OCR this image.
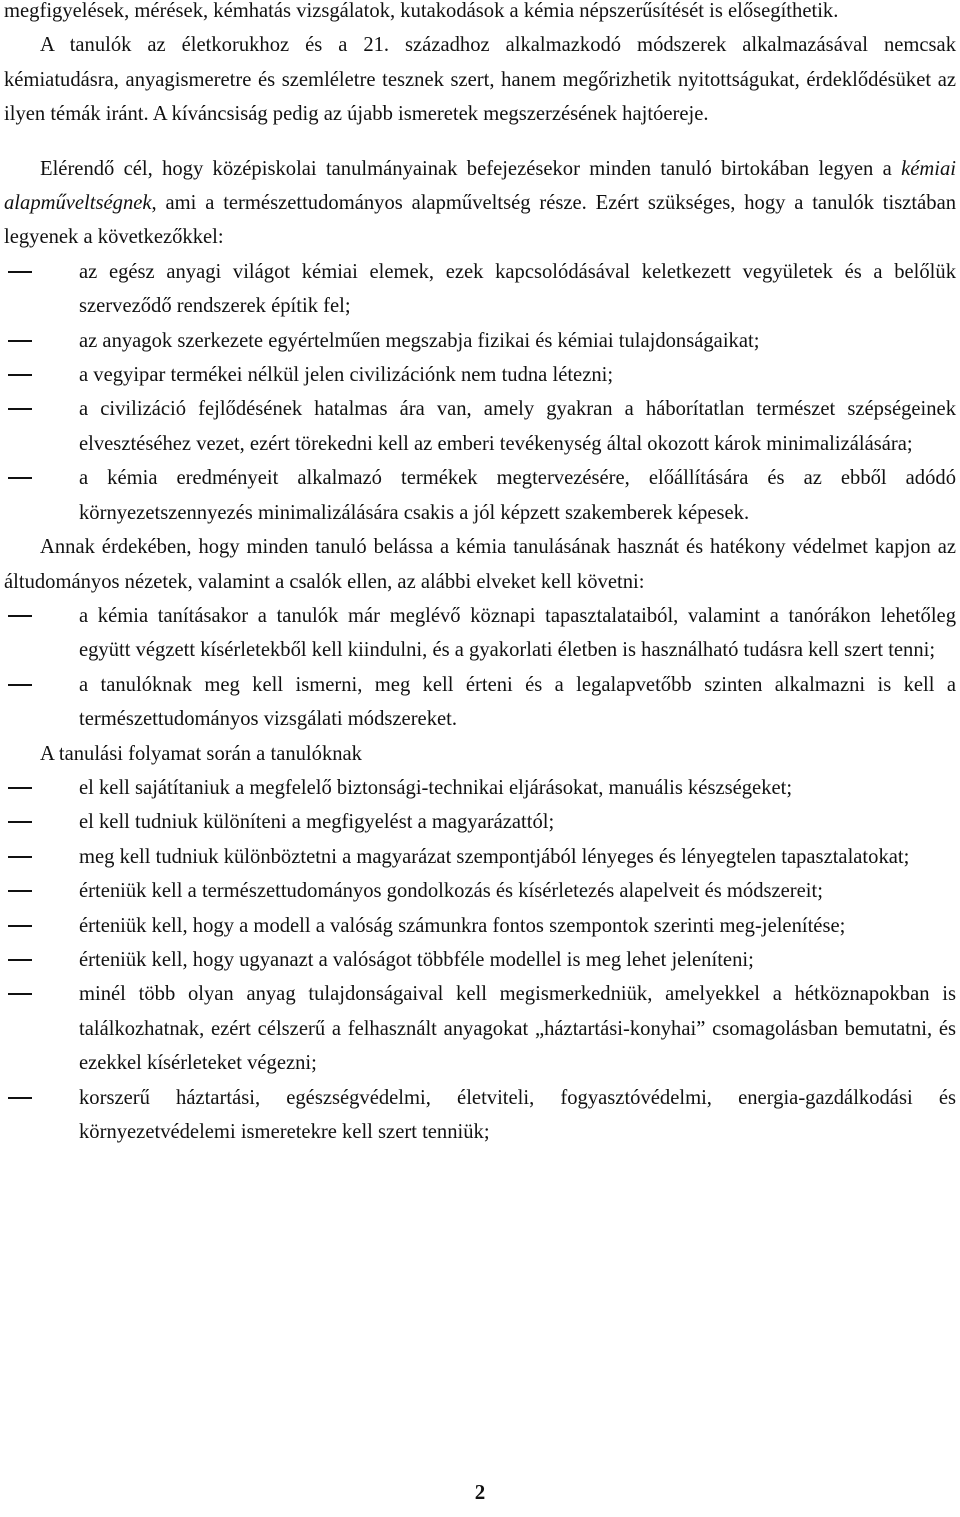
megfigyelések, mérések, kémhatás vizsgálatok, kutakodások a kémia népszerűsítését is elősegíthetik.

A tanulók az életkorukhoz és a 21. századhoz alkalmazkodó módszerek alkalmazásával nemcsak kémiatudásra, anyagismeretre és szemléletre tesznek szert, hanem megőrizhetik nyitottságukat, érdeklődésüket az ilyen témák iránt. A kíváncsiság pedig az újabb ismeretek megszerzésének hajtóereje.

Elérendő cél, hogy középiskolai tanulmányainak befejezésekor minden tanuló birtokában legyen a kémiai alapműveltségnek, ami a természettudományos alapműveltség része. Ezért szükséges, hogy a tanulók tisztában legyenek a következőkkel:

az egész anyagi világot kémiai elemek, ezek kapcsolódásával keletkezett vegyületek és a belőlük szerveződő rendszerek építik fel;
az anyagok szerkezete egyértelműen megszabja fizikai és kémiai tulajdonságaikat;
a vegyipar termékei nélkül jelen civilizációnk nem tudna létezni;
a civilizáció fejlődésének hatalmas ára van, amely gyakran a háborítatlan természet szépségeinek elvesztéséhez vezet, ezért törekedni kell az emberi tevékenység által okozott károk minimalizálására;
a kémia eredményeit alkalmazó termékek megtervezésére, előállítására és az ebből adódó környezetszennyezés minimalizálására csakis a jól képzett szakemberek képesek.

Annak érdekében, hogy minden tanuló belássa a kémia tanulásának hasznát és hatékony védelmet kapjon az áltudományos nézetek, valamint a csalók ellen, az alábbi elveket kell követni:

a kémia tanításakor a tanulók már meglévő köznapi tapasztalataiból, valamint a tanórákon lehetőleg együtt végzett kísérletekből kell kiindulni, és a gyakorlati életben is használható tudásra kell szert tenni;
a tanulóknak meg kell ismerni, meg kell érteni és a legalapvetőbb szinten alkalmazni is kell a természettudományos vizsgálati módszereket.

A tanulási folyamat során a tanulóknak

el kell sajátítaniuk a megfelelő biztonsági-technikai eljárásokat, manuális készségeket;
el kell tudniuk különíteni a megfigyelést a magyarázattól;
meg kell tudniuk különböztetni a magyarázat szempontjából lényeges és lényegtelen tapasztalatokat;
érteniük kell a természettudományos gondolkozás és kísérletezés alapelveit és módszereit;
érteniük kell, hogy a modell a valóság számunkra fontos szempontok szerinti meg-jelenítése;
érteniük kell, hogy ugyanazt a valóságot többféle modellel is meg lehet jeleníteni;
minél több olyan anyag tulajdonságaival kell megismerkedniük, amelyekkel a hétköznapokban is találkozhatnak, ezért célszerű a felhasznált anyagokat „háztartási-konyhai” csomagolásban bemutatni, és ezekkel kísérleteket végezni;
korszerű háztartási, egészségvédelmi, életviteli, fogyasztóvédelmi, energia-gazdálkodási és környezetvédelemi ismeretekre kell szert tenniük;
2
